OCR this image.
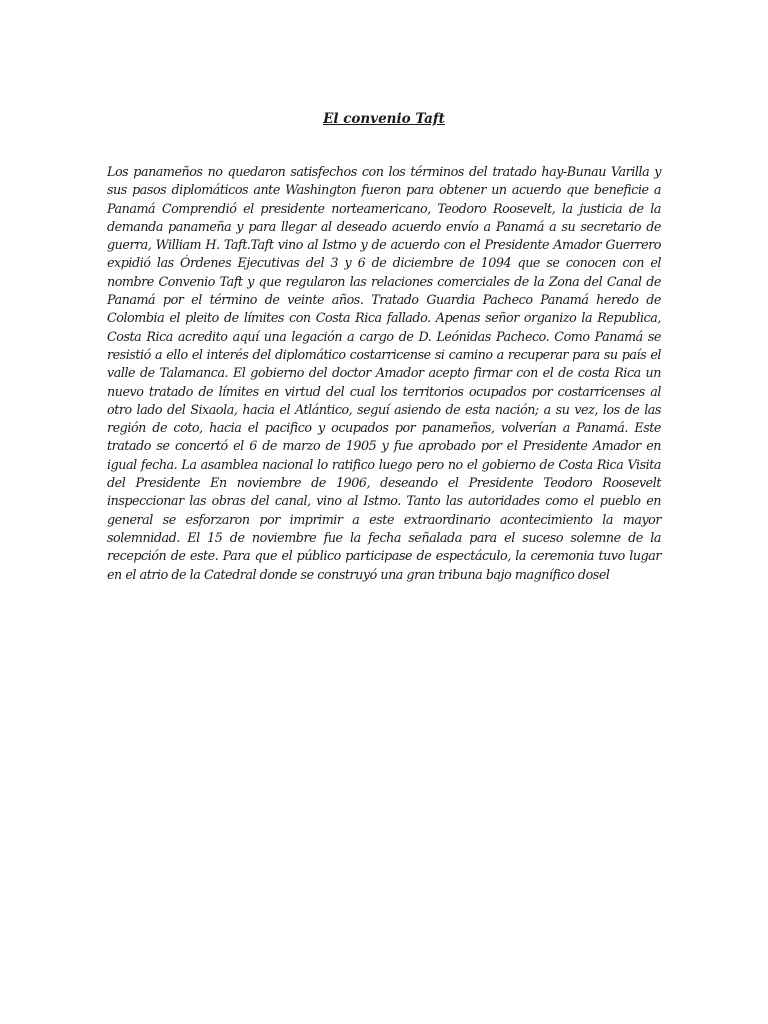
El convenio Taft

Los panameños no quedaron satisfechos con los términos del tratado hay-Bunau Varilla y sus pasos diplomáticos ante Washington fueron para obtener un acuerdo que beneficie a Panamá Comprendió el presidente norteamericano, Teodoro Roosevelt, la justicia de la demanda panameña y para llegar al deseado acuerdo envío a Panamá a su secretario de guerra, William H. Taft.Taft vino al Istmo y de acuerdo con el Presidente Amador Guerrero expidió las Órdenes Ejecutivas del 3 y 6 de diciembre de 1094 que se conocen con el nombre Convenio Taft y que regularon las relaciones comerciales de la Zona del Canal de Panamá por el término de veinte años. Tratado Guardia Pacheco Panamá heredo de Colombia el pleito de límites con Costa Rica fallado. Apenas señor organizo la Republica, Costa Rica acredito aquí una legación a cargo de D. Leónidas Pacheco. Como Panamá se resistió a ello el interés del diplomático costarricense si camino a recuperar para su país el valle de Talamanca. El gobierno del doctor Amador acepto firmar con el de costa Rica un nuevo tratado de límites en virtud del cual los territorios ocupados por costarricenses al otro lado del Sixaola, hacia el Atlántico, seguí asiendo de esta nación; a su vez, los de las región de coto, hacia el pacifico y ocupados por panameños, volverían a Panamá. Este tratado se concertó el 6 de marzo de 1905 y fue aprobado por el Presidente Amador en igual fecha. La asamblea nacional lo ratifico luego pero no el gobierno de Costa Rica Visita del Presidente En noviembre de 1906, deseando el Presidente Teodoro Roosevelt inspeccionar las obras del canal, vino al Istmo. Tanto las autoridades como el pueblo en general se esforzaron por imprimir a este extraordinario acontecimiento la mayor solemnidad. El 15 de noviembre fue la fecha señalada para el suceso solemne de la recepción de este. Para que el público participase de espectáculo, la ceremonia tuvo lugar en el atrio de la Catedral donde se construyó una gran tribuna bajo magnífico dosel
